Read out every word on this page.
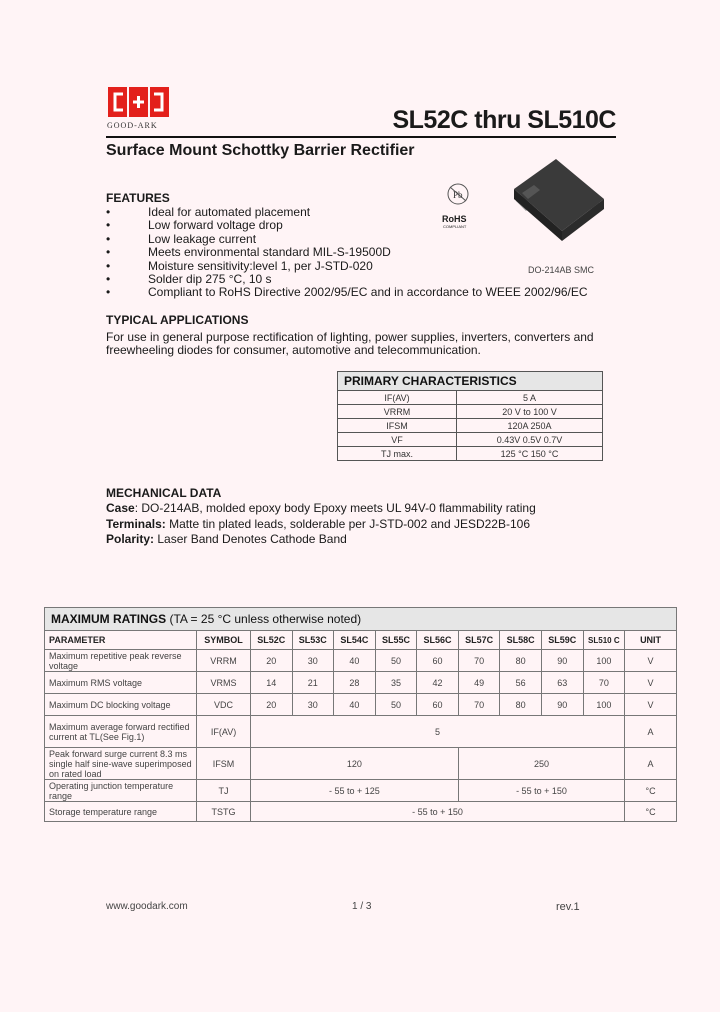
GOOD-ARK	SL52C thru SL510C
Surface Mount Schottky Barrier Rectifier
FEATURES
•	Ideal for automated placement
•	Low forward voltage drop
•	Low leakage current
•	Meets environmental standard MIL-S-19500D
•	Moisture sensitivity:level 1, per J-STD-020
•	Solder dip 275 °C, 10 s
•	Compliant to RoHS Directive 2002/95/EC and in accordance to WEEE 2002/96/EC
Pb
RoHS
COMPLIANT
DO-214AB SMC
TYPICAL APPLICATIONS
For use in general purpose rectification of lighting, power supplies, inverters, converters and
freewheeling diodes for consumer, automotive and telecommunication.
PRIMARY CHARACTERISTICS	
IF(AV)	5 A
VRRM	20 V to 100 V
IFSM	120A 250A
VF	0.43V 0.5V 0.7V
TJ max.	125 °C 150 °C
MECHANICAL DATA
Case: DO-214AB, molded epoxy body Epoxy meets UL 94V-0 flammability rating
Terminals: Matte tin plated leads, solderable per J-STD-002 and JESD22B-106
Polarity: Laser Band Denotes Cathode Band
MAXIMUM RATINGS (TA = 25 °C unless otherwise noted)											
PARAMETER	SYMBOL	SL52C	SL53C	SL54C	SL55C	SL56C	SL57C	SL58C	SL59C	SL510 C	UNIT
Maximum repetitive peak reverse voltage	VRRM	20	30	40	50	60	70	80	90	100	V
Maximum RMS voltage	VRMS	14	21	28	35	42	49	56	63	70	V
Maximum DC blocking voltage	VDC	20	30	40	50	60	70	80	90	100	V
Maximum average forward rectified current at TL(See Fig.1)	IF(AV)	5									A
Peak forward surge current 8.3 ms single half sine-wave superimposed on rated load	IFSM	120					250				A
Operating junction temperature range	TJ	- 55 to + 125					- 55 to + 150				°C
Storage temperature range	TSTG	- 55 to + 150									°C
www.goodark.com	1 / 3	rev.1
